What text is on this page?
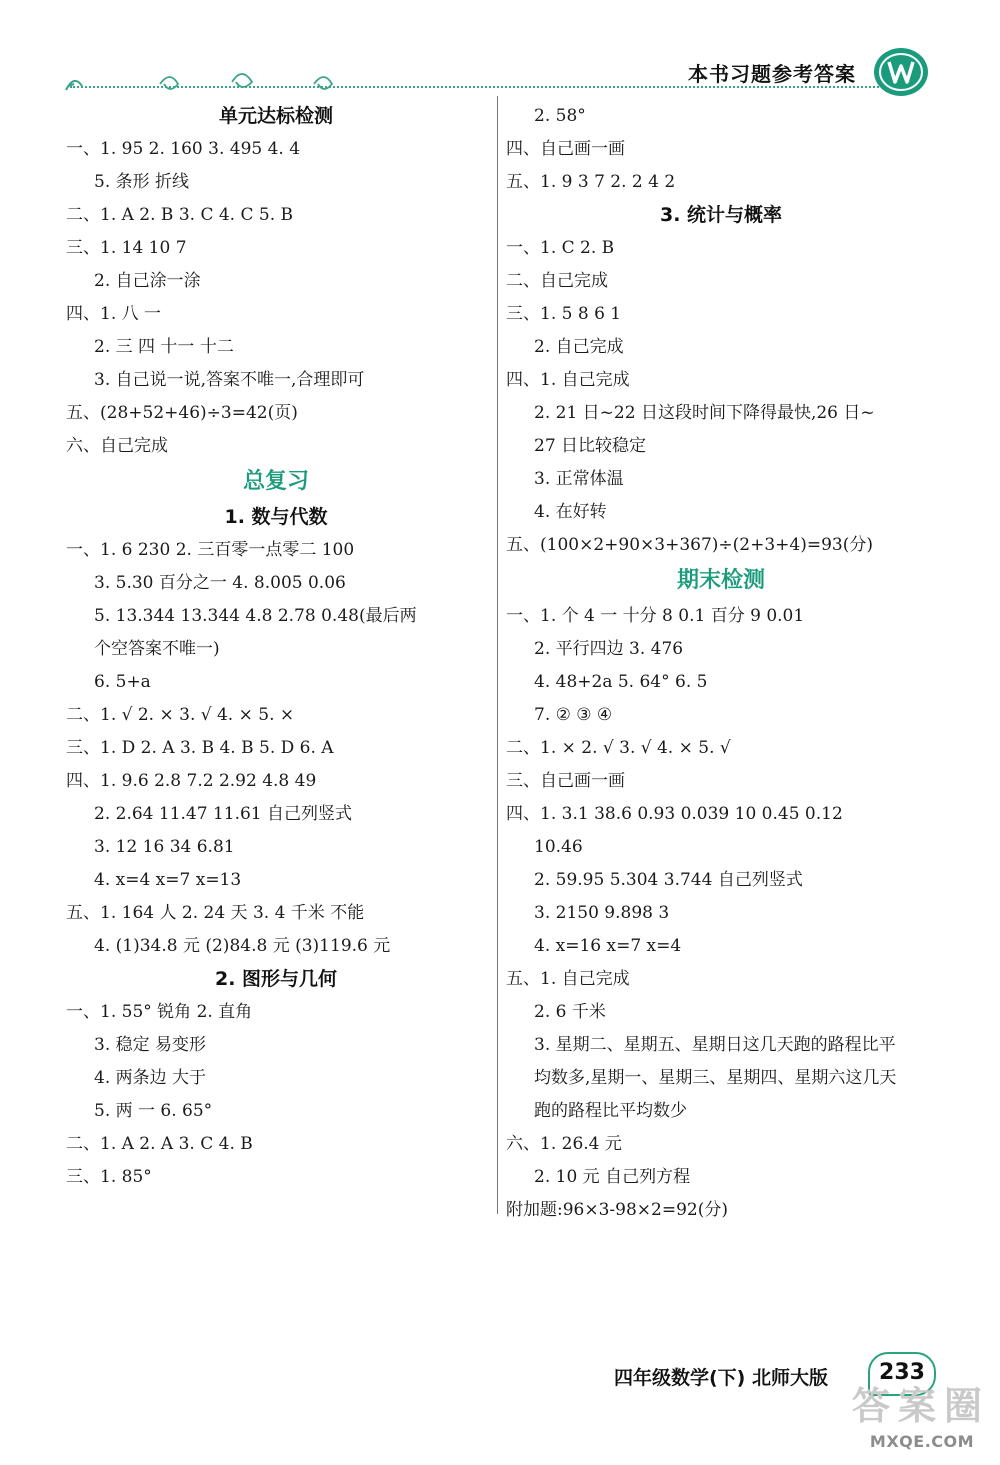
本书习题参考答案
单元达标检测
一、1. 95 2. 160 3. 495 4. 4
5. 条形 折线
二、1. A 2. B 3. C 4. C 5. B
三、1. 14 10 7
2. 自己涂一涂
四、1. 八 一
2. 三 四 十一 十二
3. 自己说一说,答案不唯一,合理即可
五、(28+52+46)÷3=42(页)
六、自己完成
总复习
1. 数与代数
一、1. 6 230 2. 三百零一点零二 100
3. 5.30 百分之一 4. 8.005 0.06
5. 13.344 13.344 4.8 2.78 0.48(最后两
个空答案不唯一)
6. 5+a
二、1. √ 2. × 3. √ 4. × 5. ×
三、1. D 2. A 3. B 4. B 5. D 6. A
四、1. 9.6 2.8 7.2 2.92 4.8 49
2. 2.64 11.47 11.61 自己列竖式
3. 12 16 34 6.81
4. x=4 x=7 x=13
五、1. 164 人 2. 24 天 3. 4 千米 不能
4. (1)34.8 元 (2)84.8 元 (3)119.6 元
2. 图形与几何
一、1. 55° 锐角 2. 直角
3. 稳定 易变形
4. 两条边 大于
5. 两 一 6. 65°
二、1. A 2. A 3. C 4. B
三、1. 85°
2. 58°
四、自己画一画
五、1. 9 3 7 2. 2 4 2
3. 统计与概率
一、1. C 2. B
二、自己完成
三、1. 5 8 6 1
2. 自己完成
四、1. 自己完成
2. 21 日~22 日这段时间下降得最快,26 日~
27 日比较稳定
3. 正常体温
4. 在好转
五、(100×2+90×3+367)÷(2+3+4)=93(分)
期末检测
一、1. 个 4 一 十分 8 0.1 百分 9 0.01
2. 平行四边 3. 476
4. 48+2a 5. 64° 6. 5
7. ② ③ ④
二、1. × 2. √ 3. √ 4. × 5. √
三、自己画一画
四、1. 3.1 38.6 0.93 0.039 10 0.45 0.12
10.46
2. 59.95 5.304 3.744 自己列竖式
3. 2150 9.898 3
4. x=16 x=7 x=4
五、1. 自己完成
2. 6 千米
3. 星期二、星期五、星期日这几天跑的路程比平
均数多,星期一、星期三、星期四、星期六这几天
跑的路程比平均数少
六、1. 26.4 元
2. 10 元 自己列方程
附加题:96×3-98×2=92(分)
四年级数学(下) 北师大版	233
答 案 圈
MXQE.COM
